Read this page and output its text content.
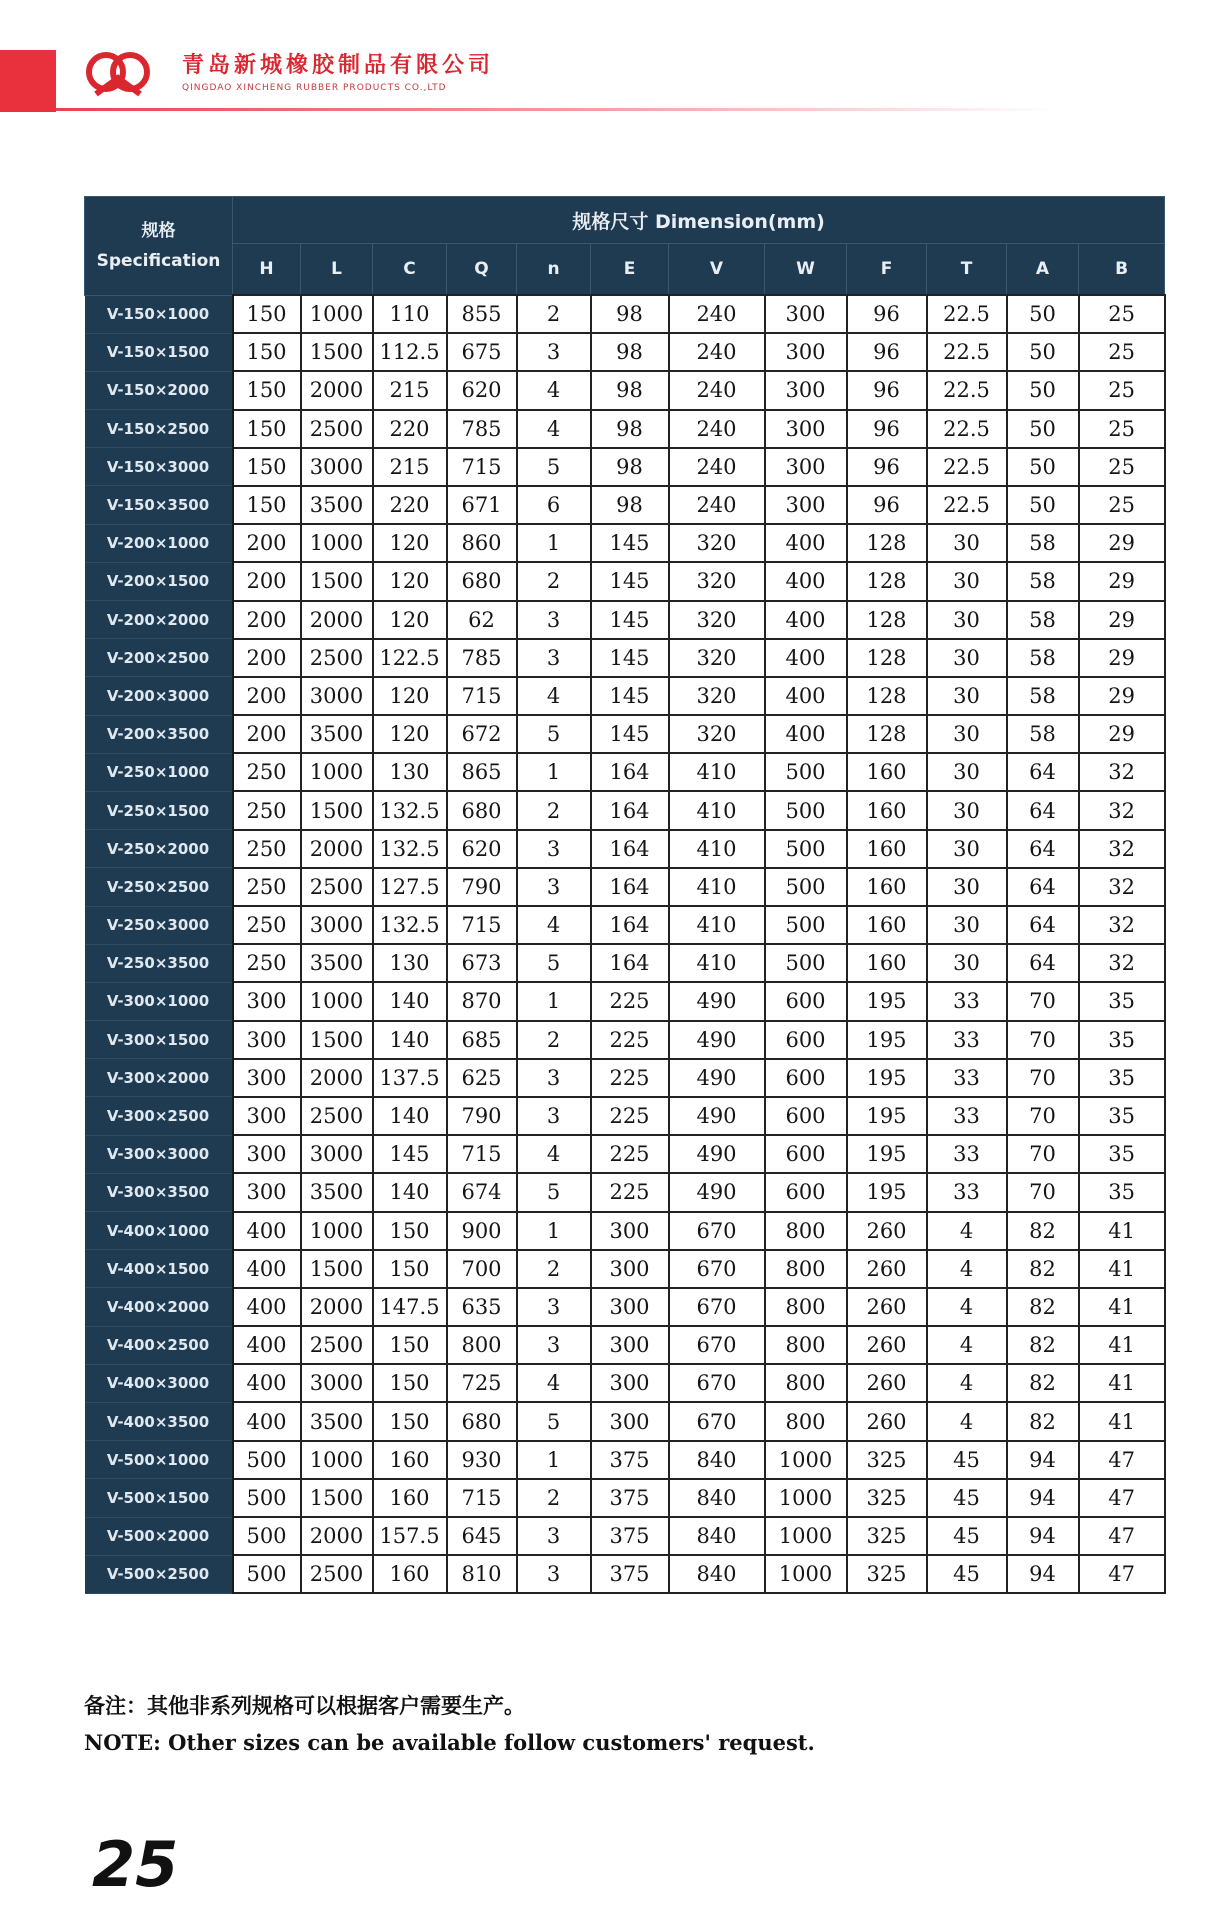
青岛新城橡胶制品有限公司
QINGDAO XINCHENG RUBBER PRODUCTS CO.,LTD
规格
Specification	规格尺寸 Dimension(mm)											
	H	L	C	Q	n	E	V	W	F	T	A	B
V-150×1000	150	1000	110	855	2	98	240	300	96	22.5	50	25
V-150×1500	150	1500	112.5	675	3	98	240	300	96	22.5	50	25
V-150×2000	150	2000	215	620	4	98	240	300	96	22.5	50	25
V-150×2500	150	2500	220	785	4	98	240	300	96	22.5	50	25
V-150×3000	150	3000	215	715	5	98	240	300	96	22.5	50	25
V-150×3500	150	3500	220	671	6	98	240	300	96	22.5	50	25
V-200×1000	200	1000	120	860	1	145	320	400	128	30	58	29
V-200×1500	200	1500	120	680	2	145	320	400	128	30	58	29
V-200×2000	200	2000	120	62	3	145	320	400	128	30	58	29
V-200×2500	200	2500	122.5	785	3	145	320	400	128	30	58	29
V-200×3000	200	3000	120	715	4	145	320	400	128	30	58	29
V-200×3500	200	3500	120	672	5	145	320	400	128	30	58	29
V-250×1000	250	1000	130	865	1	164	410	500	160	30	64	32
V-250×1500	250	1500	132.5	680	2	164	410	500	160	30	64	32
V-250×2000	250	2000	132.5	620	3	164	410	500	160	30	64	32
V-250×2500	250	2500	127.5	790	3	164	410	500	160	30	64	32
V-250×3000	250	3000	132.5	715	4	164	410	500	160	30	64	32
V-250×3500	250	3500	130	673	5	164	410	500	160	30	64	32
V-300×1000	300	1000	140	870	1	225	490	600	195	33	70	35
V-300×1500	300	1500	140	685	2	225	490	600	195	33	70	35
V-300×2000	300	2000	137.5	625	3	225	490	600	195	33	70	35
V-300×2500	300	2500	140	790	3	225	490	600	195	33	70	35
V-300×3000	300	3000	145	715	4	225	490	600	195	33	70	35
V-300×3500	300	3500	140	674	5	225	490	600	195	33	70	35
V-400×1000	400	1000	150	900	1	300	670	800	260	4	82	41
V-400×1500	400	1500	150	700	2	300	670	800	260	4	82	41
V-400×2000	400	2000	147.5	635	3	300	670	800	260	4	82	41
V-400×2500	400	2500	150	800	3	300	670	800	260	4	82	41
V-400×3000	400	3000	150	725	4	300	670	800	260	4	82	41
V-400×3500	400	3500	150	680	5	300	670	800	260	4	82	41
V-500×1000	500	1000	160	930	1	375	840	1000	325	45	94	47
V-500×1500	500	1500	160	715	2	375	840	1000	325	45	94	47
V-500×2000	500	2000	157.5	645	3	375	840	1000	325	45	94	47
V-500×2500	500	2500	160	810	3	375	840	1000	325	45	94	47
备注：其他非系列规格可以根据客户需要生产。
NOTE: Other sizes can be available follow customers' request.
25
